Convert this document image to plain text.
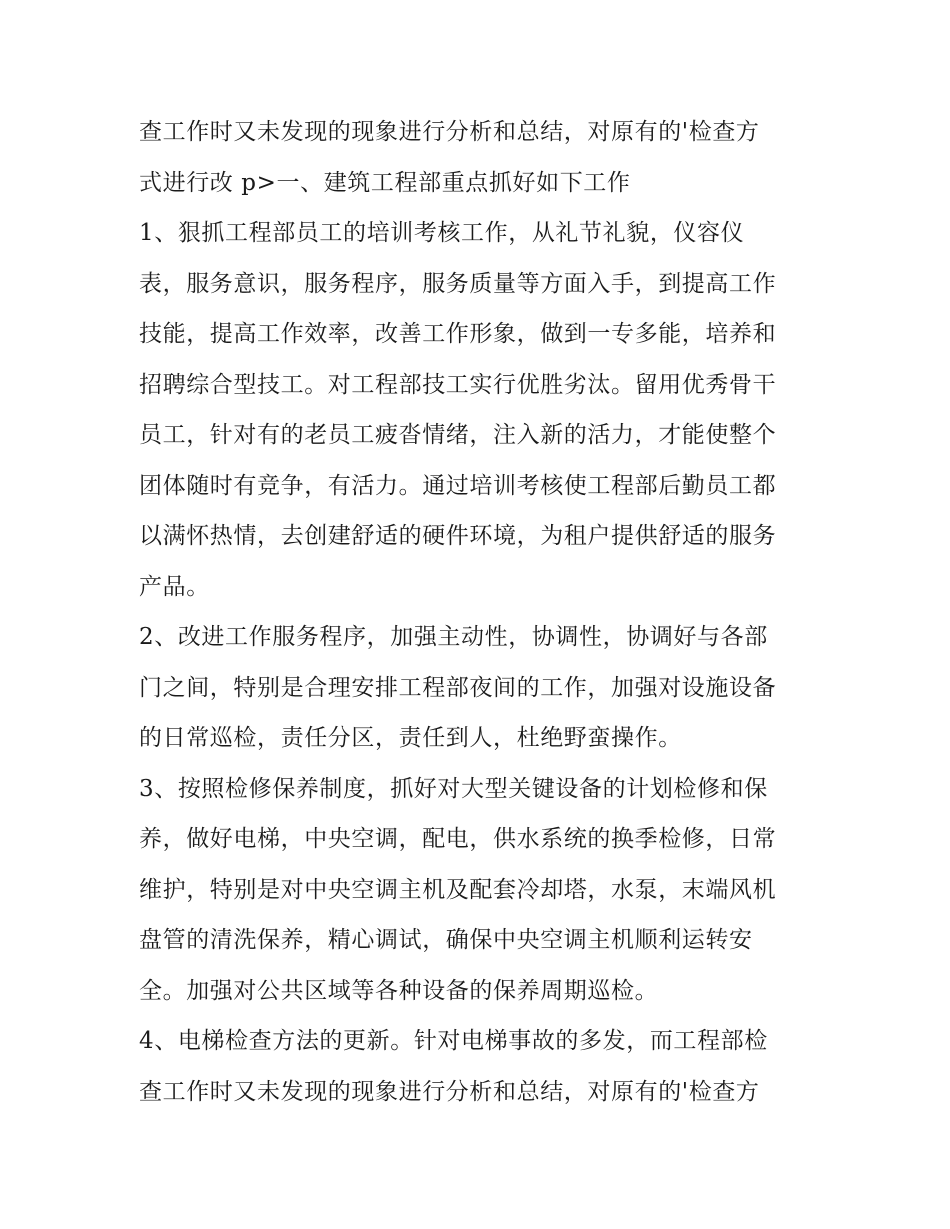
查工作时又未发现的现象进行分析和总结，对原有的'检查方

式进行改 p>一、建筑工程部重点抓好如下工作

1、狠抓工程部员工的培训考核工作，从礼节礼貌，仪容仪

表，服务意识，服务程序，服务质量等方面入手，到提高工作

技能，提高工作效率，改善工作形象，做到一专多能，培养和

招聘综合型技工。对工程部技工实行优胜劣汰。留用优秀骨干

员工，针对有的老员工疲沓情绪，注入新的活力，才能使整个

团体随时有竞争，有活力。通过培训考核使工程部后勤员工都

以满怀热情，去创建舒适的硬件环境，为租户提供舒适的服务

产品。

2、改进工作服务程序，加强主动性，协调性，协调好与各部

门之间，特别是合理安排工程部夜间的工作，加强对设施设备

的日常巡检，责任分区，责任到人，杜绝野蛮操作。

3、按照检修保养制度，抓好对大型关键设备的计划检修和保

养，做好电梯，中央空调，配电，供水系统的换季检修，日常

维护，特别是对中央空调主机及配套冷却塔，水泵，末端风机

盘管的清洗保养，精心调试，确保中央空调主机顺利运转安

全。加强对公共区域等各种设备的保养周期巡检。

4、电梯检查方法的更新。针对电梯事故的多发，而工程部检

查工作时又未发现的现象进行分析和总结，对原有的'检查方
